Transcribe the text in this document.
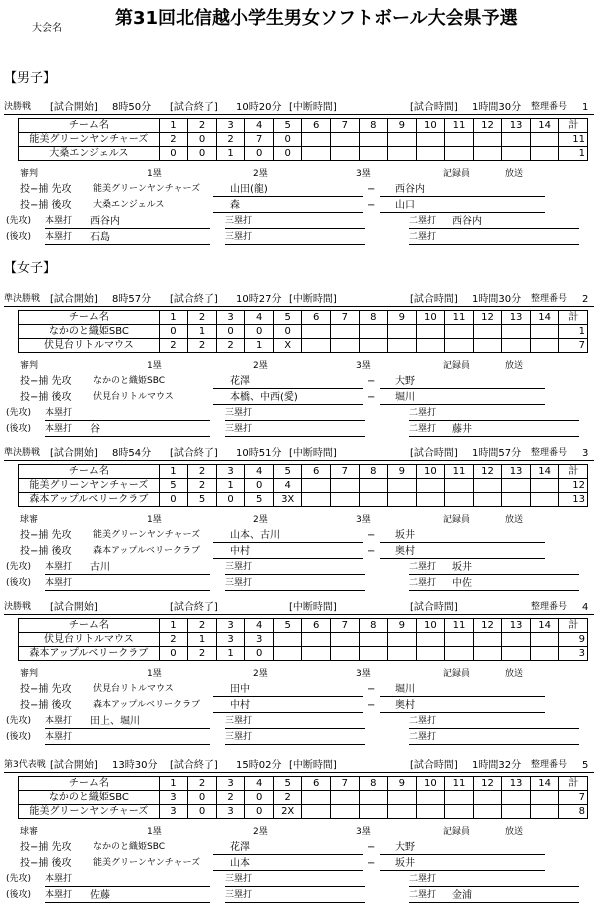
大会名	第31回北信越小学生男女ソフトボール大会県予選
【男子】
【女子】
決勝戦 [試合開始] 8時50分 [試合終了] 10時20分 [中断時間]	[試合時間] 1時間30分 整理番号 1
チーム名	1	2	3	4	5	6	7	8	9	10	11	12	13	14	計
能美グリーンヤンチャーズ	2	0	2	7	0										11
大桑エンジェルス	0	0	1	0	0										1
審判	1塁	2塁	3塁	記録員	放送
投−捕 先攻 能美グリーンヤンチャーズ	山田(龍)	− 西谷内
投−捕 後攻 大桑エンジェルス	森	− 山口
(先攻) 本塁打 西谷内	三塁打	二塁打 西谷内
(後攻) 本塁打 石島	三塁打	二塁打
準決勝戦 [試合開始] 8時57分 [試合終了] 10時27分 [中断時間]	[試合時間] 1時間30分 整理番号 2
チーム名	1	2	3	4	5	6	7	8	9	10	11	12	13	14	計
なかのと織姫SBC	0	1	0	0	0										1
伏見台リトルマウス	2	2	2	1	X										7
審判	1塁	2塁	3塁	記録員	放送
投−捕 先攻 なかのと織姫SBC	花澤	− 大野
投−捕 後攻 伏見台リトルマウス	本橋、中西(愛)	− 堀川
(先攻) 本塁打	三塁打	二塁打
(後攻) 本塁打 谷	三塁打	二塁打 藤井
準決勝戦 [試合開始] 8時54分 [試合終了] 10時51分 [中断時間]	[試合時間] 1時間57分 整理番号 3
チーム名	1	2	3	4	5	6	7	8	9	10	11	12	13	14	計
能美グリーンヤンチャーズ	5	2	1	0	4										12
森本アップルベリークラブ	0	5	0	5	3X										13
球審	1塁	2塁	3塁	記録員	放送
投−捕 先攻 能美グリーンヤンチャーズ	山本、古川	− 坂井
投−捕 後攻 森本アップルベリークラブ	中村	− 奥村
(先攻) 本塁打 古川	三塁打	二塁打 坂井
(後攻) 本塁打	三塁打	二塁打 中佐
決勝戦 [試合開始]	[試合終了]	[中断時間]	[試合時間]	整理番号 4
チーム名	1	2	3	4	5	6	7	8	9	10	11	12	13	14	計
伏見台リトルマウス	2	1	3	3											9
森本アップルベリークラブ	0	2	1	0											3
審判	1塁	2塁	3塁	記録員	放送
投−捕 先攻 伏見台リトルマウス	田中	− 堀川
投−捕 後攻 森本アップルベリークラブ	中村	− 奥村
(先攻) 本塁打 田上、堀川	三塁打	二塁打
(後攻) 本塁打	三塁打	二塁打
第3代表戦 [試合開始] 13時30分 [試合終了] 15時02分 [中断時間]	[試合時間] 1時間32分 整理番号 5
チーム名	1	2	3	4	5	6	7	8	9	10	11	12	13	14	計
なかのと織姫SBC	3	0	2	0	2										7
能美グリーンヤンチャーズ	3	0	3	0	2X										8
球審	1塁	2塁	3塁	記録員	放送
投−捕 先攻 なかのと織姫SBC	花澤	− 大野
投−捕 後攻 能美グリーンヤンチャーズ	山本	− 坂井
(先攻) 本塁打	三塁打	二塁打
(後攻) 本塁打 佐藤	三塁打	二塁打 金浦
